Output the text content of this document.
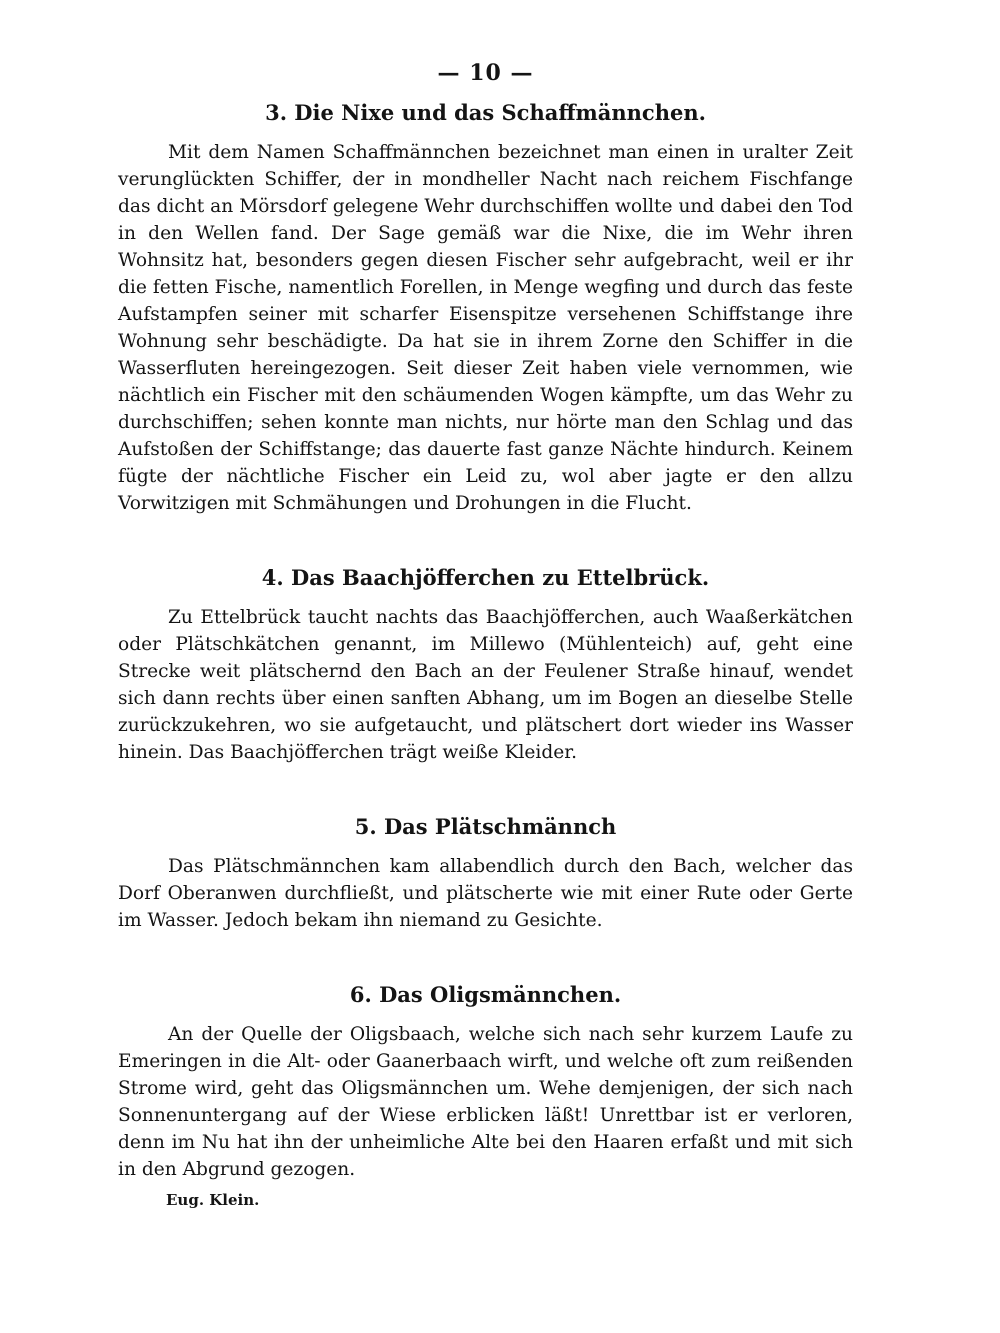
— 10 —
3. Die Nixe und das Schaffmännchen.

Mit dem Namen Schaffmännchen bezeichnet man einen in uralter Zeit verunglückten Schiffer, der in mondheller Nacht nach reichem Fischfange das dicht an Mörsdorf gelegene Wehr durchschiffen wollte und dabei den Tod in den Wellen fand. Der Sage gemäß war die Nixe, die im Wehr ihren Wohnsitz hat, besonders gegen diesen Fischer sehr aufgebracht, weil er ihr die fetten Fische, namentlich Forellen, in Menge wegfing und durch das feste Aufstampfen seiner mit scharfer Eisenspitze versehenen Schiffstange ihre Wohnung sehr beschädigte. Da hat sie in ihrem Zorne den Schiffer in die Wasserfluten hereingezogen. Seit dieser Zeit haben viele vernommen, wie nächtlich ein Fischer mit den schäumenden Wogen kämpfte, um das Wehr zu durchschiffen; sehen konnte man nichts, nur hörte man den Schlag und das Aufstoßen der Schiffstange; das dauerte fast ganze Nächte hindurch. Keinem fügte der nächtliche Fischer ein Leid zu, wol aber jagte er den allzu Vorwitzigen mit Schmähungen und Drohungen in die Flucht.

4. Das Baachjöfferchen zu Ettelbrück.

Zu Ettelbrück taucht nachts das Baachjöfferchen, auch Waaßerkätchen oder Plätschkätchen genannt, im Millewo (Mühlenteich) auf, geht eine Strecke weit plätschernd den Bach an der Feulener Straße hinauf, wendet sich dann rechts über einen sanften Abhang, um im Bogen an dieselbe Stelle zurückzukehren, wo sie aufgetaucht, und plätschert dort wieder ins Wasser hinein. Das Baachjöfferchen trägt weiße Kleider.

5. Das Plätschmännch

Das Plätschmännchen kam allabendlich durch den Bach, welcher das Dorf Oberanwen durchfließt, und plätscherte wie mit einer Rute oder Gerte im Wasser. Jedoch bekam ihn niemand zu Gesichte.

6. Das Oligsmännchen.

An der Quelle der Oligsbaach, welche sich nach sehr kurzem Laufe zu Emeringen in die Alt- oder Gaanerbaach wirft, und welche oft zum reißenden Strome wird, geht das Oligsmännchen um. Wehe demjenigen, der sich nach Sonnenuntergang auf der Wiese erblicken läßt! Unrettbar ist er verloren, denn im Nu hat ihn der unheimliche Alte bei den Haaren erfaßt und mit sich in den Abgrund gezogen.

Eug. Klein.
